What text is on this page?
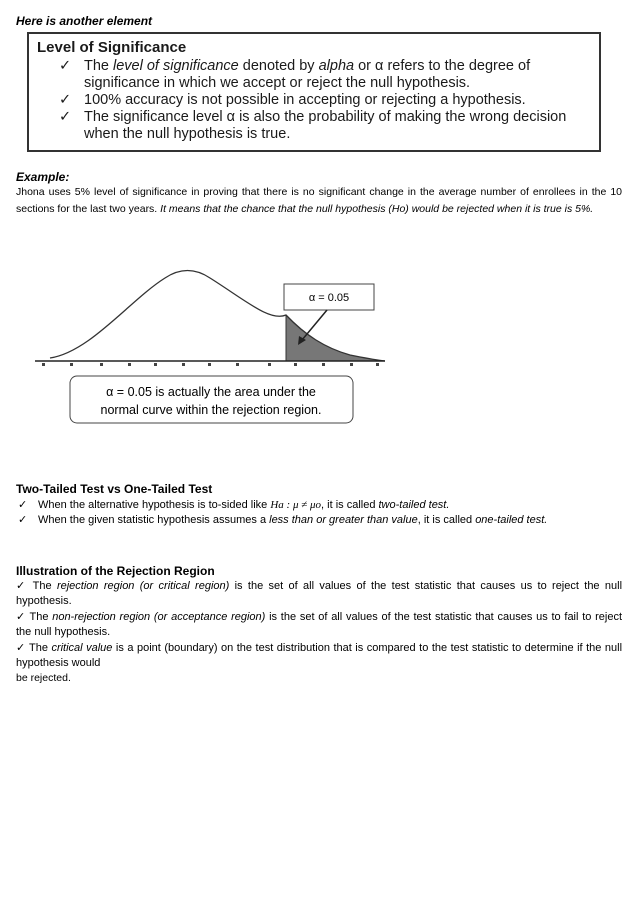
Here is another element
Level of Significance
✓ The level of significance denoted by alpha or α refers to the degree of significance in which we accept or reject the null hypothesis.
✓ 100% accuracy is not possible in accepting or rejecting a hypothesis.
✓ The significance level α is also the probability of making the wrong decision when the null hypothesis is true.
Example:
Jhona uses 5% level of significance in proving that there is no significant change in the average number of enrollees in the 10 sections for the last two years. It means that the chance that the null hypothesis (Ho) would be rejected when it is true is 5%.
α = 0.05
α = 0.05 is actually the area under the
normal curve within the rejection region.
Two-Tailed Test vs One-Tailed Test
✓ When the alternative hypothesis is to-sided like Ha : μ ≠ μo, it is called two-tailed test.
✓ When the given statistic hypothesis assumes a less than or greater than value, it is called one-tailed test.
Illustration of the Rejection Region
✓ The rejection region (or critical region) is the set of all values of the test statistic that causes us to reject the null hypothesis.
✓ The non-rejection region (or acceptance region) is the set of all values of the test statistic that causes us to fail to reject the null hypothesis.
✓ The critical value is a point (boundary) on the test distribution that is compared to the test statistic to determine if the null hypothesis would
be rejected.
